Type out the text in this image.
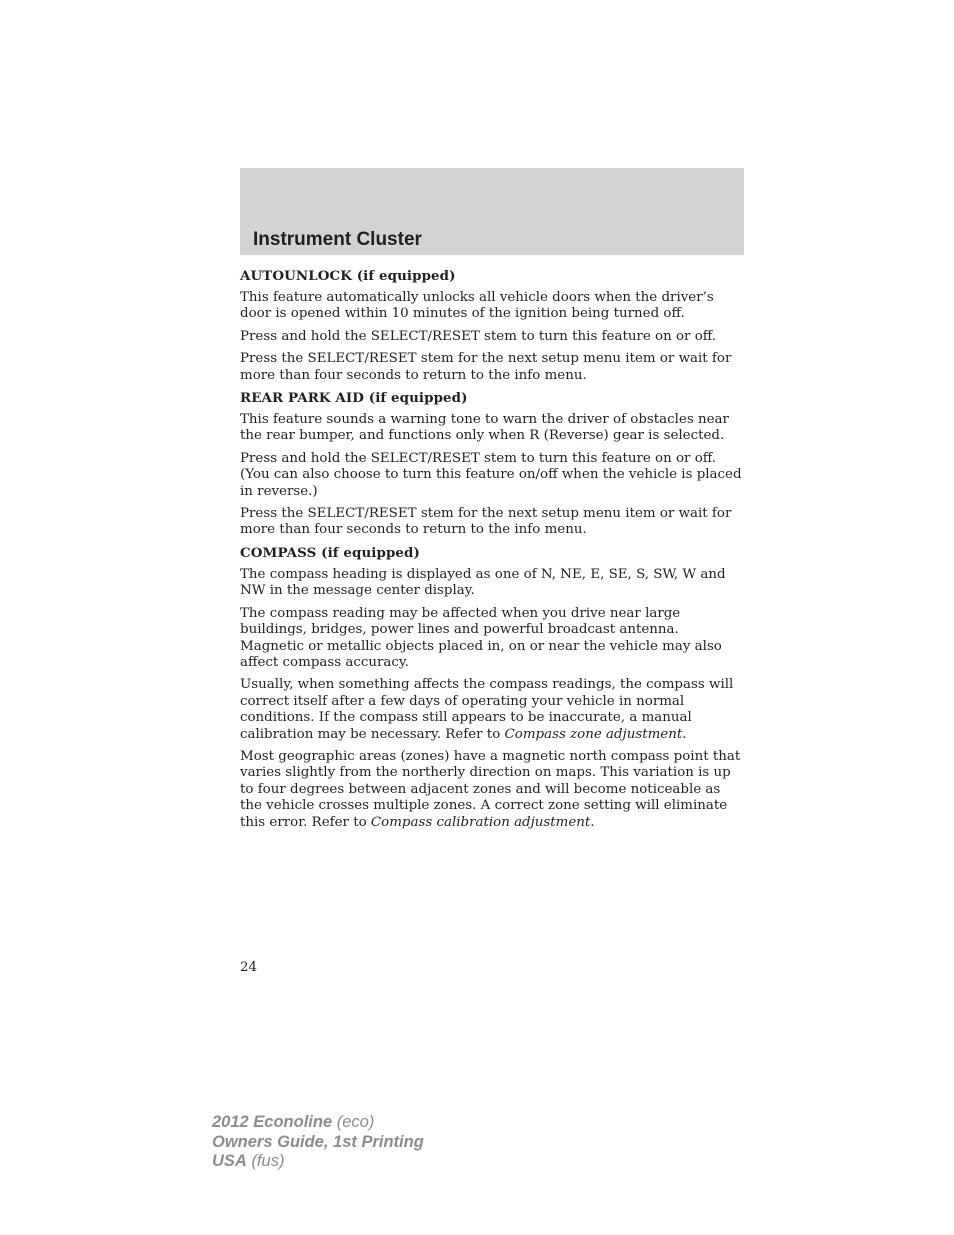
Instrument Cluster
AUTOUNLOCK (if equipped)

This feature automatically unlocks all vehicle doors when the driver’s door is opened within 10 minutes of the ignition being turned off.

Press and hold the SELECT/RESET stem to turn this feature on or off.

Press the SELECT/RESET stem for the next setup menu item or wait for more than four seconds to return to the info menu.

REAR PARK AID (if equipped)

This feature sounds a warning tone to warn the driver of obstacles near the rear bumper, and functions only when R (Reverse) gear is selected.

Press and hold the SELECT/RESET stem to turn this feature on or off. (You can also choose to turn this feature on/off when the vehicle is placed in reverse.)

Press the SELECT/RESET stem for the next setup menu item or wait for more than four seconds to return to the info menu.

COMPASS (if equipped)

The compass heading is displayed as one of N, NE, E, SE, S, SW, W and NW in the message center display.

The compass reading may be affected when you drive near large buildings, bridges, power lines and powerful broadcast antenna. Magnetic or metallic objects placed in, on or near the vehicle may also affect compass accuracy.

Usually, when something affects the compass readings, the compass will correct itself after a few days of operating your vehicle in normal conditions. If the compass still appears to be inaccurate, a manual calibration may be necessary. Refer to Compass zone adjustment.

Most geographic areas (zones) have a magnetic north compass point that varies slightly from the northerly direction on maps. This variation is up to four degrees between adjacent zones and will become noticeable as the vehicle crosses multiple zones. A correct zone setting will eliminate this error. Refer to Compass calibration adjustment.

24

2012 Econoline (eco)
Owners Guide, 1st Printing
USA (fus)
